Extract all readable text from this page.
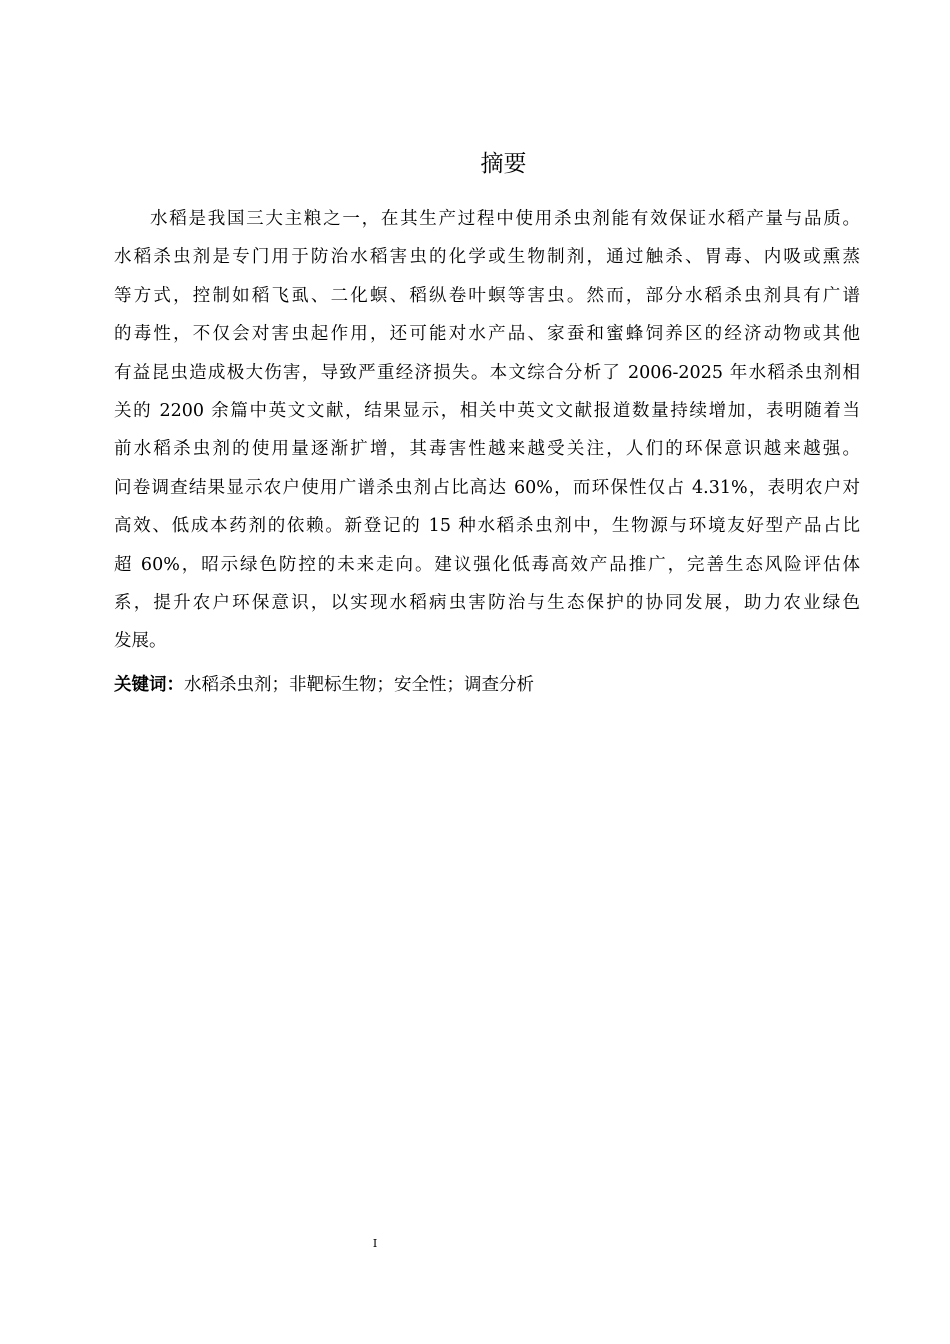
摘要
水稻是我国三大主粮之一，在其生产过程中使用杀虫剂能有效保证水稻产量与品质。
水稻杀虫剂是专门用于防治水稻害虫的化学或生物制剂，通过触杀、胃毒、内吸或熏蒸
等方式，控制如稻飞虱、二化螟、稻纵卷叶螟等害虫。然而，部分水稻杀虫剂具有广谱
的毒性，不仅会对害虫起作用，还可能对水产品、家蚕和蜜蜂饲养区的经济动物或其他
有益昆虫造成极大伤害，导致严重经济损失。本文综合分析了 2006-2025 年水稻杀虫剂相
关的 2200 余篇中英文文献，结果显示，相关中英文文献报道数量持续增加，表明随着当
前水稻杀虫剂的使用量逐渐扩增，其毒害性越来越受关注，人们的环保意识越来越强。
问卷调查结果显示农户使用广谱杀虫剂占比高达 60%，而环保性仅占 4.31%，表明农户对
高效、低成本药剂的依赖。新登记的 15 种水稻杀虫剂中，生物源与环境友好型产品占比
超 60%，昭示绿色防控的未来走向。建议强化低毒高效产品推广，完善生态风险评估体
系，提升农户环保意识，以实现水稻病虫害防治与生态保护的协同发展，助力农业绿色
发展。
关键词：水稻杀虫剂；非靶标生物；安全性；调查分析
I
